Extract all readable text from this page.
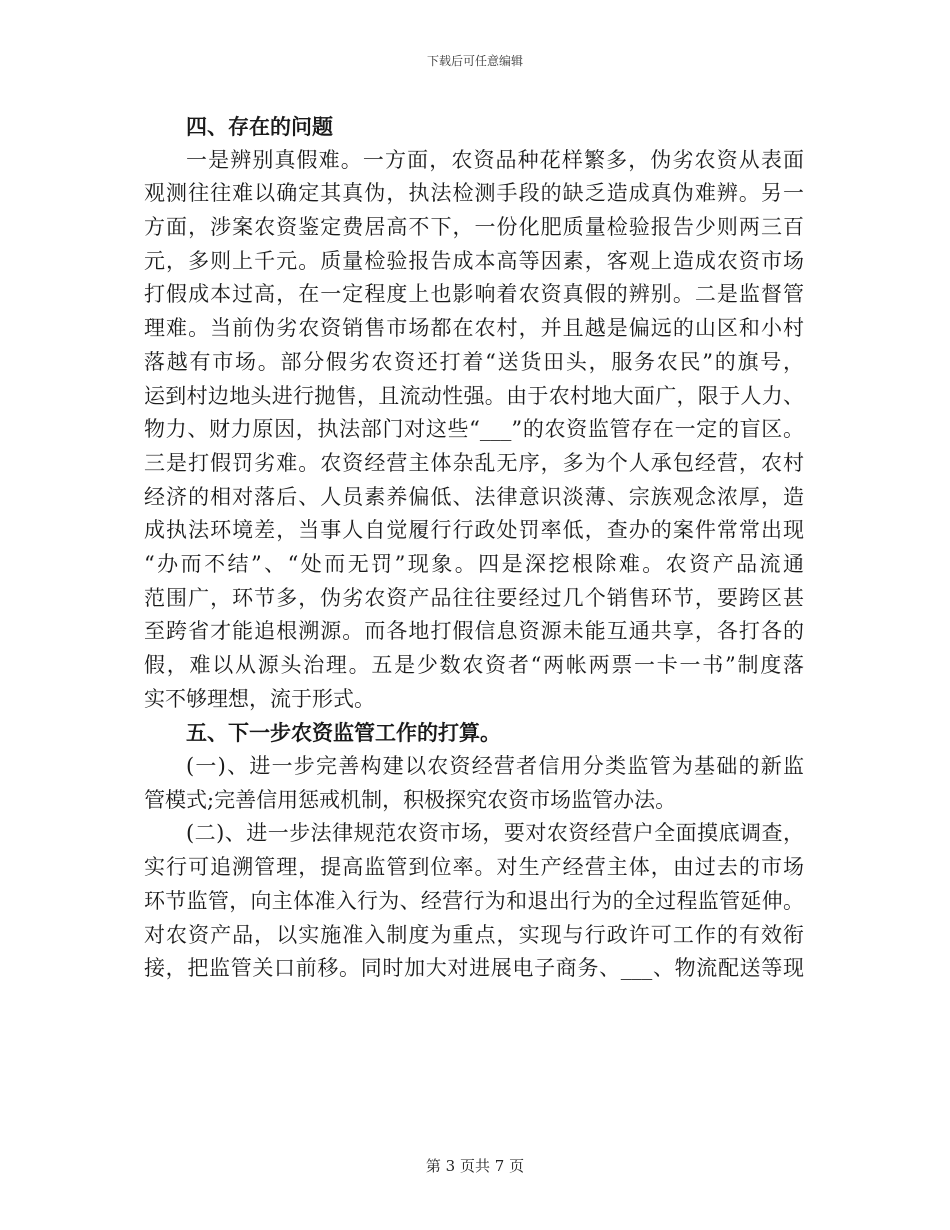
下载后可任意编辑
四、存在的问题
一是辨别真假难。一方面，农资品种花样繁多，伪劣农资从表面
观测往往难以确定其真伪，执法检测手段的缺乏造成真伪难辨。另一
方面，涉案农资鉴定费居高不下，一份化肥质量检验报告少则两三百
元，多则上千元。质量检验报告成本高等因素，客观上造成农资市场
打假成本过高，在一定程度上也影响着农资真假的辨别。二是监督管
理难。当前伪劣农资销售市场都在农村，并且越是偏远的山区和小村
落越有市场。部分假劣农资还打着“送货田头，服务农民”的旗号，
运到村边地头进行抛售，且流动性强。由于农村地大面广，限于人力、
物力、财力原因，执法部门对这些“___”的农资监管存在一定的盲区。
三是打假罚劣难。农资经营主体杂乱无序，多为个人承包经营，农村
经济的相对落后、人员素养偏低、法律意识淡薄、宗族观念浓厚，造
成执法环境差，当事人自觉履行行政处罚率低，查办的案件常常出现
“办而不结”、“处而无罚”现象。四是深挖根除难。农资产品流通
范围广，环节多，伪劣农资产品往往要经过几个销售环节，要跨区甚
至跨省才能追根溯源。而各地打假信息资源未能互通共享，各打各的
假，难以从源头治理。五是少数农资者“两帐两票一卡一书”制度落
实不够理想，流于形式。
五、下一步农资监管工作的打算。
(一)、进一步完善构建以农资经营者信用分类监管为基础的新监
管模式;完善信用惩戒机制，积极探究农资市场监管办法。
(二)、进一步法律规范农资市场，要对农资经营户全面摸底调查，
实行可追溯管理，提高监管到位率。对生产经营主体，由过去的市场
环节监管，向主体准入行为、经营行为和退出行为的全过程监管延伸。
对农资产品，以实施准入制度为重点，实现与行政许可工作的有效衔
接，把监管关口前移。同时加大对进展电子商务、___、物流配送等现
第 3 页共 7 页
